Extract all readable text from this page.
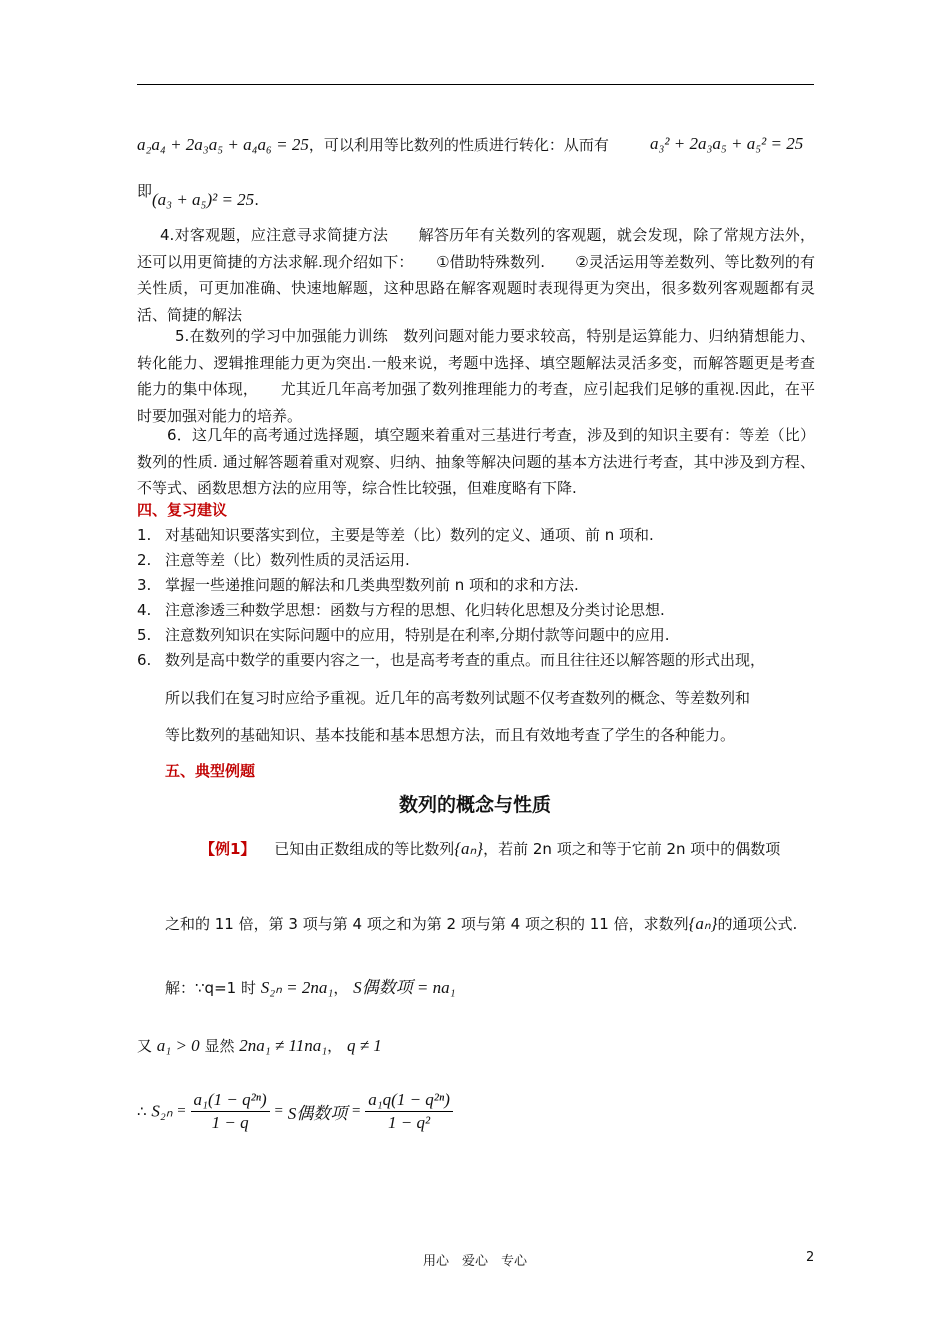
a₂a₄ + 2a₃a₅ + a₄a₆ = 25，可以利用等比数列的性质进行转化：从而有 a₃² + 2a₃a₅ + a₅² = 25
即 (a₃ + a₅)² = 25.
4.对客观题，应注意寻求简捷方法　　解答历年有关数列的客观题，就会发现，除了常规方法外，还可以用更简捷的方法求解.现介绍如下：　　①借助特殊数列.　　②灵活运用等差数列、等比数列的有关性质，可更加准确、快速地解题，这种思路在解客观题时表现得更为突出，很多数列客观题都有灵活、简捷的解法
5.在数列的学习中加强能力训练　数列问题对能力要求较高，特别是运算能力、归纳猜想能力、转化能力、逻辑推理能力更为突出.一般来说，考题中选择、填空题解法灵活多变，而解答题更是考查能力的集中体现，　　尤其近几年高考加强了数列推理能力的考查，应引起我们足够的重视.因此，在平时要加强对能力的培养。
6．这几年的高考通过选择题，填空题来着重对三基进行考查，涉及到的知识主要有：等差（比）数列的性质. 通过解答题着重对观察、归纳、抽象等解决问题的基本方法进行考查，其中涉及到方程、不等式、函数思想方法的应用等，综合性比较强，但难度略有下降.
四、复习建议
1. 对基础知识要落实到位，主要是等差（比）数列的定义、通项、前 n 项和.
2. 注意等差（比）数列性质的灵活运用.
3. 掌握一些递推问题的解法和几类典型数列前 n 项和的求和方法.
4. 注意渗透三种数学思想：函数与方程的思想、化归转化思想及分类讨论思想.
5. 注意数列知识在实际问题中的应用，特别是在利率,分期付款等问题中的应用.
6. 数列是高中数学的重要内容之一，也是高考考查的重点。而且往往还以解答题的形式出现，
所以我们在复习时应给予重视。近几年的高考数列试题不仅考查数列的概念、等差数列和
等比数列的基础知识、基本技能和基本思想方法，而且有效地考查了学生的各种能力。
五、典型例题
数列的概念与性质
【例1】 已知由正数组成的等比数列{aₙ}，若前 2n 项之和等于它前 2n 项中的偶数项
之和的 11 倍，第 3 项与第 4 项之和为第 2 项与第 4 项之积的 11 倍，求数列{aₙ}的通项公式.
解：∵q=1 时 S₂ₙ = 2na₁， S偶数项 = na₁
又 a₁ > 0 显然 2na₁ ≠ 11na₁， q ≠ 1
∴ $S_{2n} = \frac{\text{a₁(1 − q²ⁿ)}}{1 - q} = S$偶数项 = $\frac{\text{a₁q(1 − q²ⁿ)}}{\text{1 − q²}}$
用心　爱心　专心	2
